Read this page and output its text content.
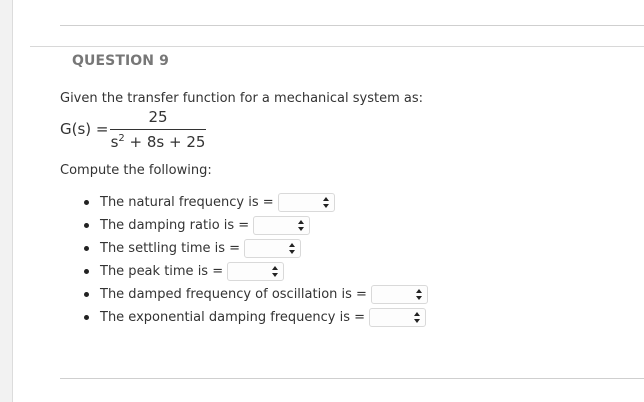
QUESTION 9
Given the transfer function for a mechanical system as:
G(s) =
25
$s^2 + 8s + 25$
Compute the following:
The natural frequency is =
The damping ratio is =
The settling time is =
The peak time is =
The damped frequency of oscillation is =
The exponential damping frequency is =
